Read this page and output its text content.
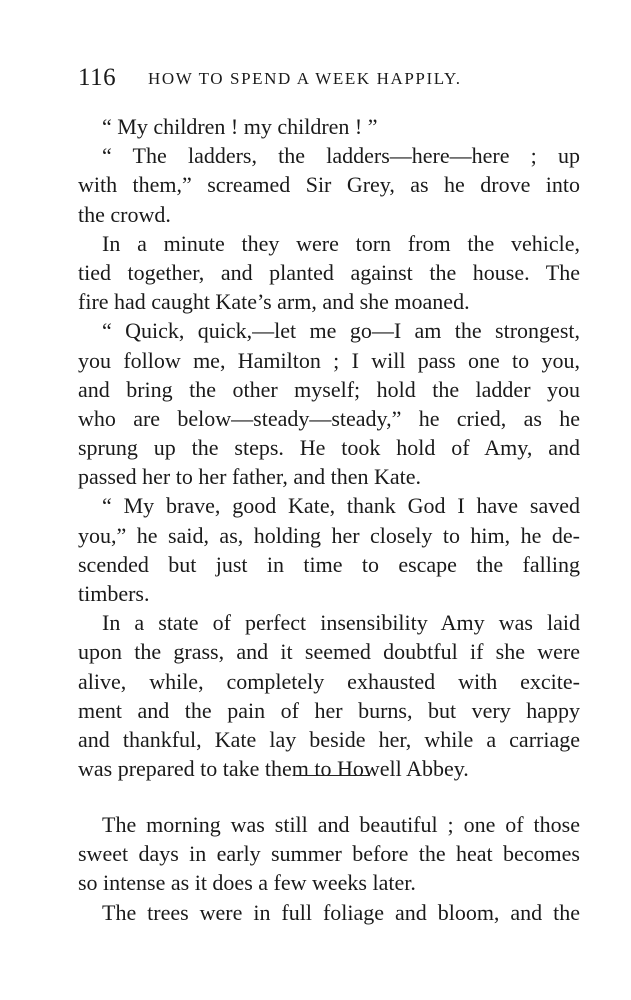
116 HOW TO SPEND A WEEK HAPPILY.

“ My children ! my children ! ”

“ The ladders, the ladders—here—here ; up
with them,” screamed Sir Grey, as he drove into
the crowd.

In a minute they were torn from the vehicle,
tied together, and planted against the house. The
fire had caught Kate’s arm, and she moaned.

“ Quick, quick,—let me go—I am the strongest,
you follow me, Hamilton ; I will pass one to you,
and bring the other myself; hold the ladder you
who are below—steady—steady,” he cried, as he
sprung up the steps. He took hold of Amy, and
passed her to her father, and then Kate.

“ My brave, good Kate, thank God I have saved
you,” he said, as, holding her closely to him, he de-
scended but just in time to escape the falling
timbers.

In a state of perfect insensibility Amy was laid
upon the grass, and it seemed doubtful if she were
alive, while, completely exhausted with excite-
ment and the pain of her burns, but very happy
and thankful, Kate lay beside her, while a carriage
was prepared to take them to Howell Abbey.

The morning was still and beautiful ; one of those
sweet days in early summer before the heat becomes
so intense as it does a few weeks later.

The trees were in full foliage and bloom, and the
